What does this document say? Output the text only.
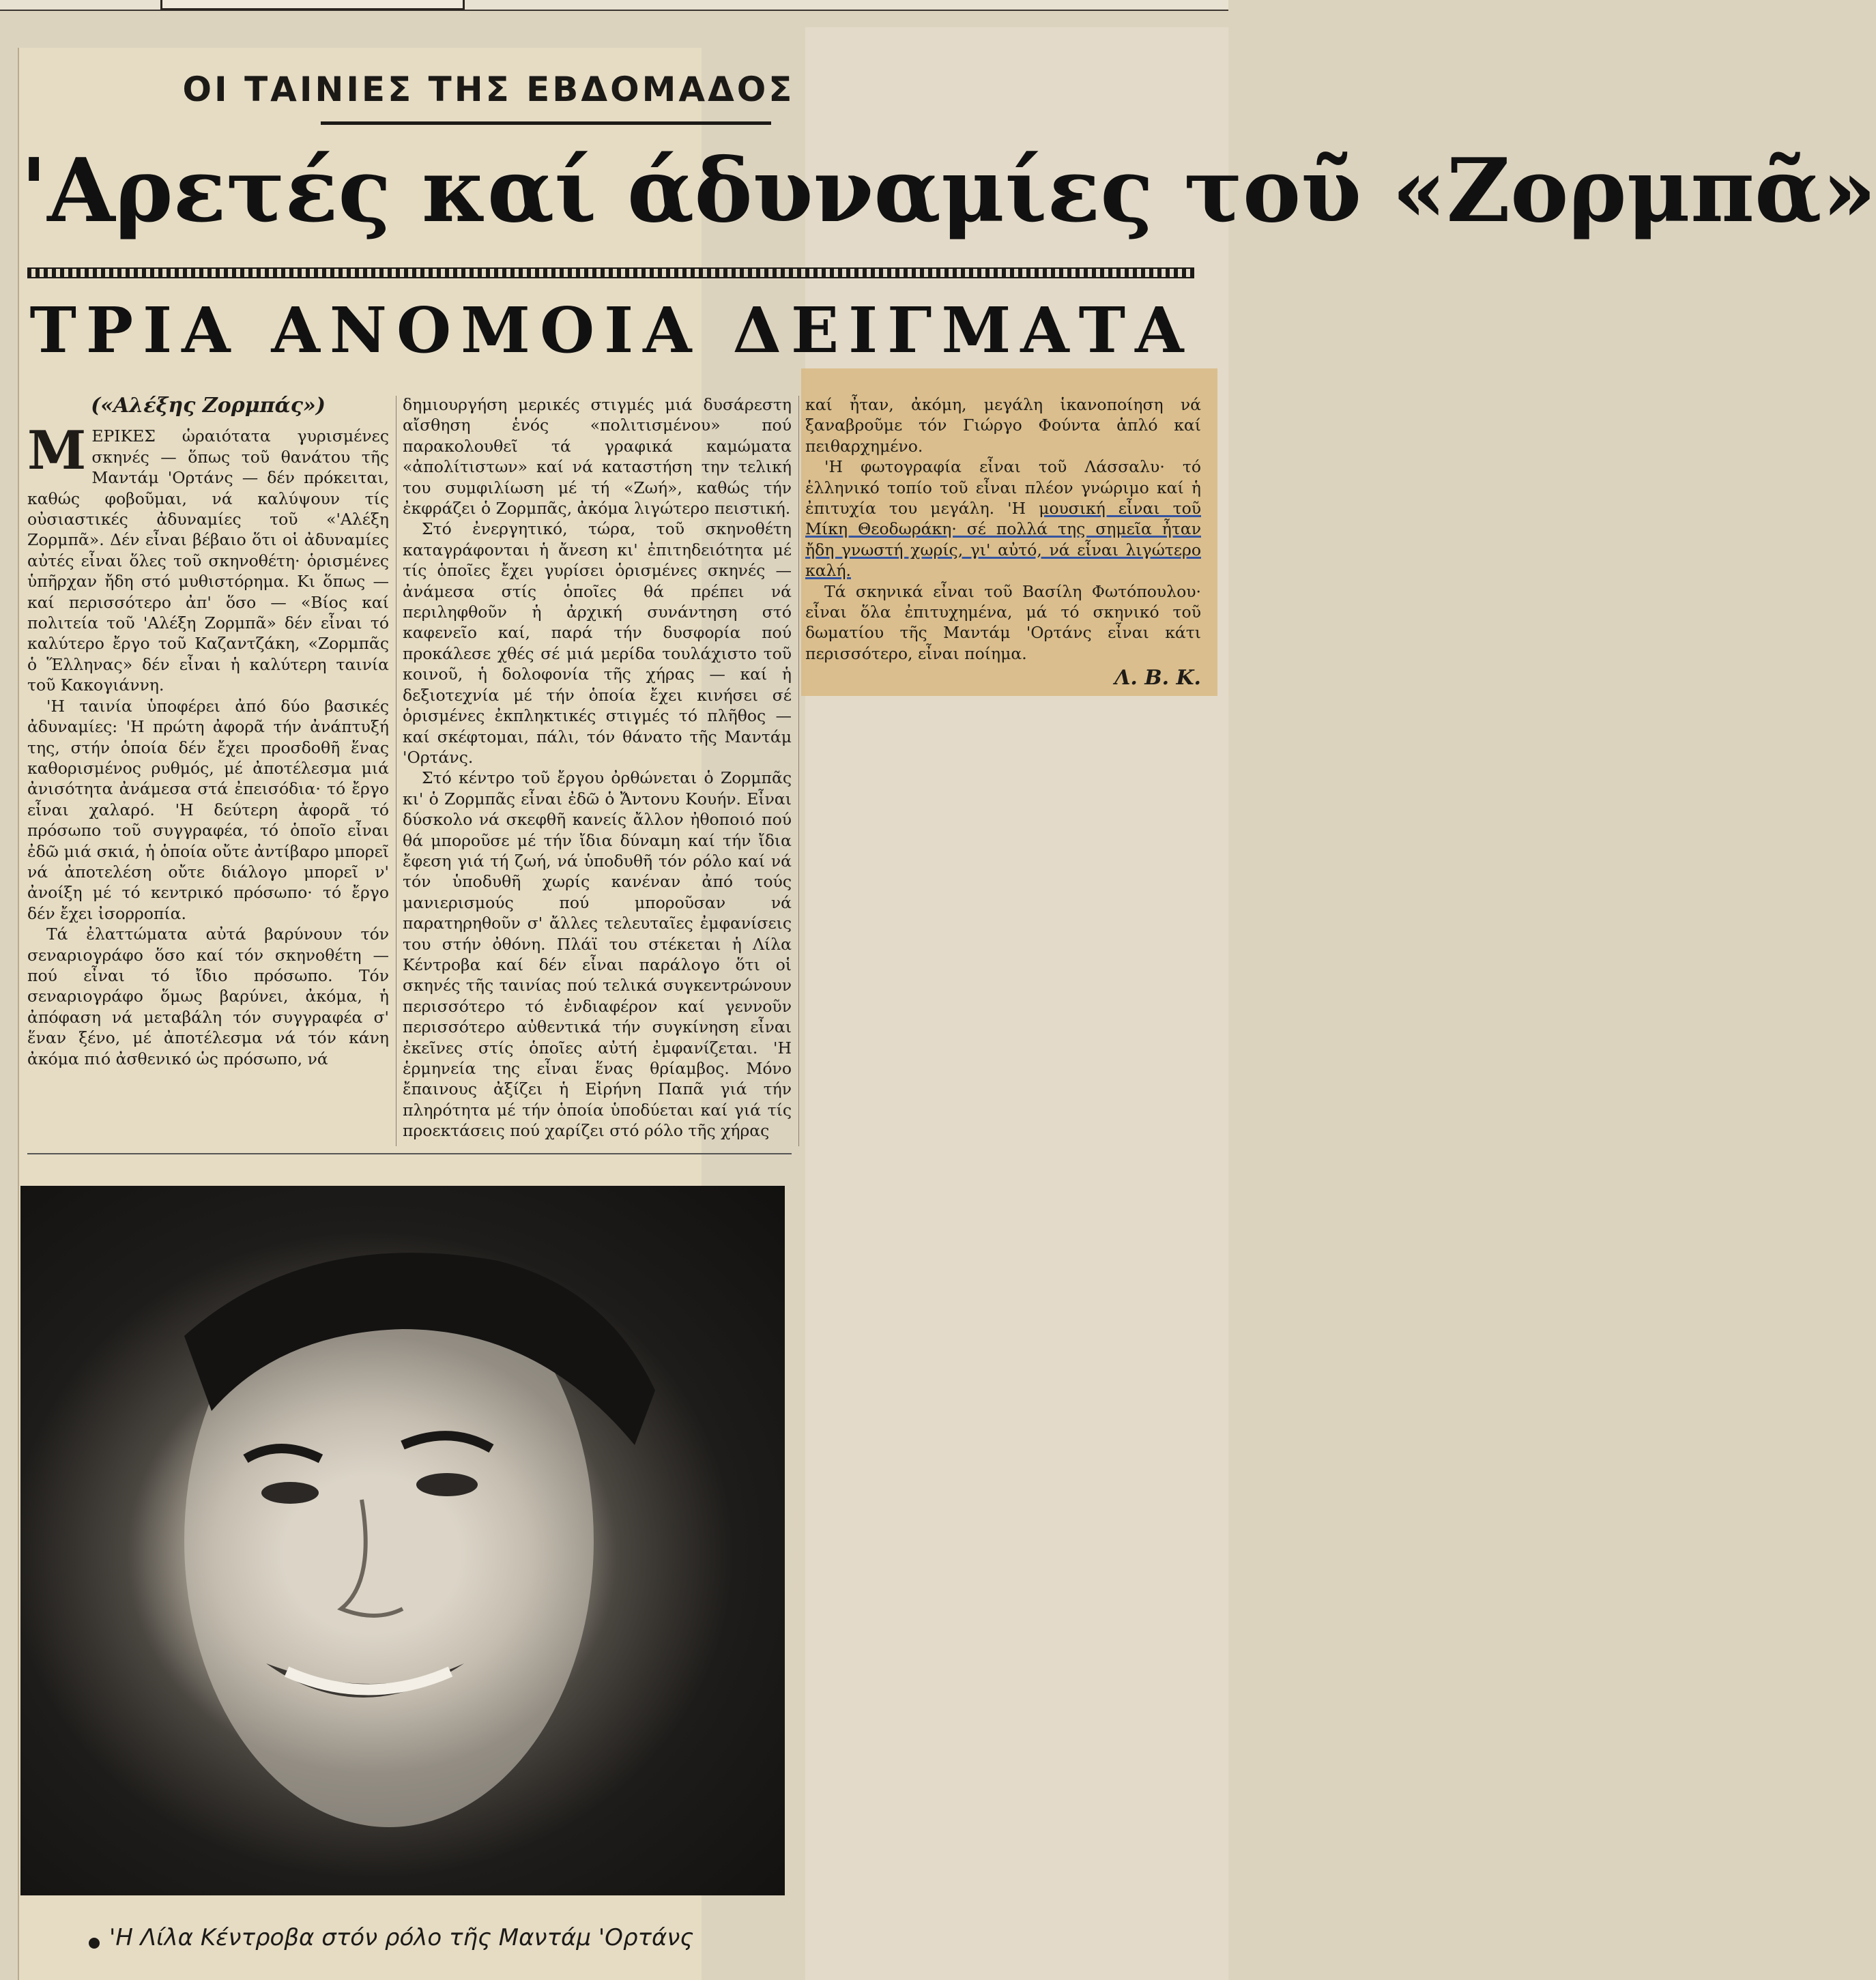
ΟΙ ΤΑΙΝΙΕΣ ΤΗΣ ΕΒΔΟΜΑΔΟΣ
'Αρετές καί άδυναμίες τοῦ «Ζορμπᾶ»
ΤΡΙΑ ΑΝΟΜΟΙΑ ΔΕΙΓΜΑΤΑ
(«Αλέξης Ζορμπάς»)

ΜΕΡΙΚΕΣ ὡραιότατα γυρισμένες σκηνές — ὅπως τοῦ θανάτου τῆς Μαντάμ 'Ορτάνς — δέν πρόκειται, καθώς φοβοῦμαι, νά καλύψουν τίς οὐσιαστικές ἀδυναμίες τοῦ «'Αλέξη Ζορμπᾶ». Δέν εἶναι βέβαιο ὅτι οἱ ἀδυναμίες αὐτές εἶναι ὅλες τοῦ σκηνοθέτη· ὁρισμένες ὑπῆρχαν ἤδη στό μυθιστόρημα. Κι ὅπως — καί περισσότερο ἀπ' ὅσο — «Βίος καί πολιτεία τοῦ 'Αλέξη Ζορμπᾶ» δέν εἶναι τό καλύτερο ἔργο τοῦ Καζαντζάκη, «Ζορμπᾶς ὁ Ἕλληνας» δέν εἶναι ἡ καλύτερη ταινία τοῦ Κακογιάννη.

'Η ταινία ὑποφέρει ἀπό δύο βασικές ἀδυναμίες: 'Η πρώτη ἀφορᾶ τήν ἀνάπτυξή της, στήν ὁποία δέν ἔχει προσδοθῆ ἕνας καθορισμένος ρυθμός, μέ ἀποτέλεσμα μιά ἀνισότητα ἀνάμεσα στά ἐπεισόδια· τό ἔργο εἶναι χαλαρό. 'Η δεύτερη ἀφορᾶ τό πρόσωπο τοῦ συγγραφέα, τό ὁποῖο εἶναι ἐδῶ μιά σκιά, ἡ ὁποία οὔτε ἀντίβαρο μπορεῖ νά ἀποτελέση οὔτε διάλογο μπορεῖ ν' ἀνοίξη μέ τό κεντρικό πρόσωπο· τό ἔργο δέν ἔχει ἰσορροπία.

Τά ἐλαττώματα αὐτά βαρύνουν τόν σεναριογράφο ὅσο καί τόν σκηνοθέτη — πού εἶναι τό ἴδιο πρόσωπο. Τόν σεναριογράφο ὅμως βαρύνει, ἀκόμα, ἡ ἀπόφαση νά μεταβάλη τόν συγγραφέα σ' ἕναν ξένο, μέ ἀποτέλεσμα νά τόν κάνη ἀκόμα πιό ἀσθενικό ὡς πρόσωπο, νά

δημιουργήση μερικές στιγμές μιά δυσάρεστη αἴσθηση ἑνός «πολιτισμένου» πού παρακολουθεῖ τά γραφικά καμώματα «ἀπολίτιστων» καί νά καταστήση την τελική του συμφιλίωση μέ τή «Ζωή», καθώς τήν ἐκφράζει ὁ Ζορμπᾶς, ἀκόμα λιγώτερο πειστική.

Στό ἐνεργητικό, τώρα, τοῦ σκηνοθέτη καταγράφονται ἡ ἄνεση κι' ἐπιτηδειότητα μέ τίς ὁποῖες ἔχει γυρίσει ὁρισμένες σκηνές — ἀνάμεσα στίς ὁποῖες θά πρέπει νά περιληφθοῦν ἡ ἀρχική συνάντηση στό καφενεῖο καί, παρά τήν δυσφορία πού προκάλεσε χθές σέ μιά μερίδα τουλάχιστο τοῦ κοινοῦ, ἡ δολοφονία τῆς χήρας — καί ἡ δεξιοτεχνία μέ τήν ὁποία ἔχει κινήσει σέ ὁρισμένες ἐκπληκτικές στιγμές τό πλῆθος — καί σκέφτομαι, πάλι, τόν θάνατο τῆς Μαντάμ 'Ορτάνς.

Στό κέντρο τοῦ ἔργου ὀρθώνεται ὁ Ζορμπᾶς κι' ὁ Ζορμπᾶς εἶναι ἐδῶ ὁ Ἄντονυ Κουήν. Εἶναι δύσκολο νά σκεφθῆ κανείς ἄλλον ἠθοποιό πού θά μποροῦσε μέ τήν ἴδια δύναμη καί τήν ἴδια ἔφεση γιά τή ζωή, νά ὑποδυθῆ τόν ρόλο καί νά τόν ὑποδυθῆ χωρίς κανέναν ἀπό τούς μανιερισμούς πού μποροῦσαν νά παρατηρηθοῦν σ' ἄλλες τελευταῖες ἐμφανίσεις του στήν ὀθόνη. Πλάϊ του στέκεται ἡ Λίλα Κέντροβα καί δέν εἶναι παράλογο ὅτι οἱ σκηνές τῆς ταινίας πού τελικά συγκεντρώνουν περισσότερο τό ἐνδιαφέρον καί γεννοῦν περισσότερο αὐθεντικά τήν συγκίνηση εἶναι ἐκεῖνες στίς ὁποῖες αὐτή ἐμφανίζεται. 'Η ἑρμηνεία της εἶναι ἕνας θρίαμβος. Μόνο ἔπαινους ἀξίζει ἡ Εἰρήνη Παπᾶ γιά τήν πληρότητα μέ τήν ὁποία ὑποδύεται καί γιά τίς προεκτάσεις πού χαρίζει στό ρόλο τῆς χήρας

καί ἦταν, ἀκόμη, μεγάλη ἱκανοποίηση νά ξαναβροῦμε τόν Γιώργο Φούντα ἁπλό καί πειθαρχημένο.

'Η φωτογραφία εἶναι τοῦ Λάσσαλυ· τό ἑλληνικό τοπίο τοῦ εἶναι πλέον γνώριμο καί ἡ ἐπιτυχία του μεγάλη. 'Η μουσική εἶναι τοῦ Μίκη Θεοδωράκη· σέ πολλά της σημεῖα ἦταν ἤδη γνωστή χωρίς, γι' αὐτό, νά εἶναι λιγώτερο καλή.

Τά σκηνικά εἶναι τοῦ Βασίλη Φωτόπουλου· εἶναι ὅλα ἐπιτυχημένα, μά τό σκηνικό τοῦ δωματίου τῆς Μαντάμ 'Ορτάνς εἶναι κάτι περισσότερο, εἶναι ποίημα.

Λ. Β. Κ.
'Η Λίλα Κέντροβα στόν ρόλο τῆς Μαντάμ 'Ορτάνς
